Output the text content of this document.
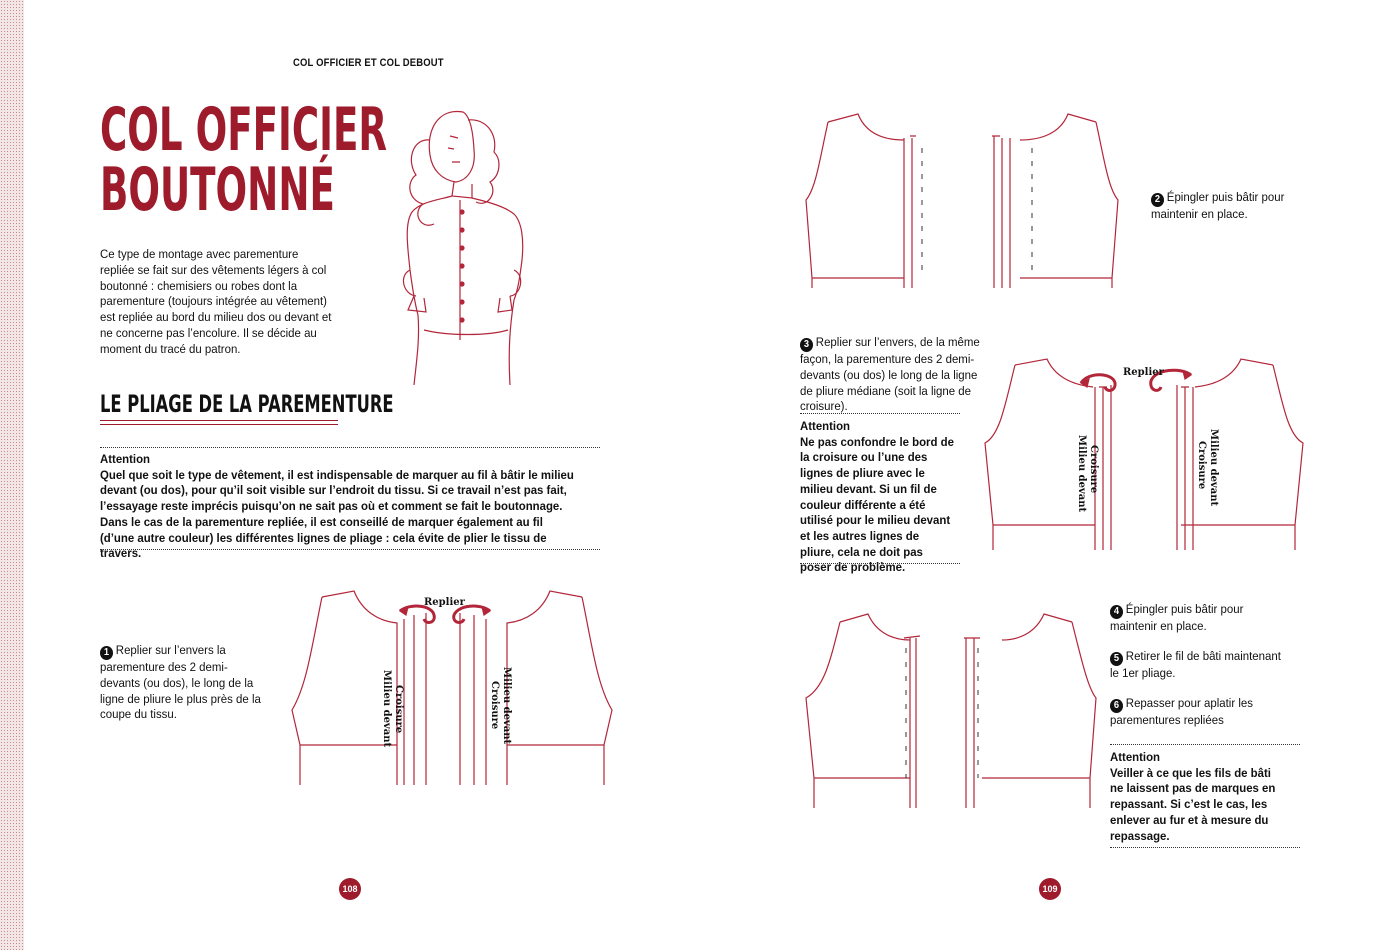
COL OFFICIER ET COL DEBOUT
COL OFFICIER
BOUTONNÉ
Ce type de montage avec parementure repliée se fait sur des vêtements légers à col boutonné : chemisiers ou robes dont la parementure (toujours intégrée au vêtement) est repliée au bord du milieu dos ou devant et ne concerne pas l’encolure. Il se décide au moment du tracé du patron.
LE PLIAGE DE LA PAREMENTURE
Attention
Quel que soit le type de vêtement, il est indispensable de marquer au fil à bâtir le milieu devant (ou dos), pour qu’il soit visible sur l’endroit du tissu. Si ce travail n’est pas fait, l’essayage reste imprécis puisqu’on ne sait pas où et comment se fait le boutonnage. Dans le cas de la parementure repliée, il est conseillé de marquer également au fil (d’une autre couleur) les différentes lignes de pliage : cela évite de plier le tissu de travers.
1 Replier sur l’envers la parementure des 2 demi-devants (ou dos), le long de la ligne de pliure le plus près de la coupe du tissu.
Replier
Milieu devant Croisure	Milieu devant
Croisure
2 Épingler puis bâtir pour maintenir en place.
3 Replier sur l’envers, de la même façon, la parementure des 2 demi-devants (ou dos) le long de la ligne de pliure médiane (soit la ligne de croisure).
Attention
Ne pas confondre le bord de la croisure ou l’une des lignes de pliure avec le milieu devant. Si un fil de couleur différente a été utilisé pour le milieu devant et les autres lignes de pliure, cela ne doit pas poser de problème.
Replier
Milieu devant Croisure	Milieu devant
Croisure
4 Épingler puis bâtir pour maintenir en place.
5 Retirer le fil de bâti maintenant le 1er pliage.
6 Repasser pour aplatir les parementures repliées
Attention
Veiller à ce que les fils de bâti ne laissent pas de marques en repassant. Si c’est le cas, les enlever au fur et à mesure du repassage.
108	109
